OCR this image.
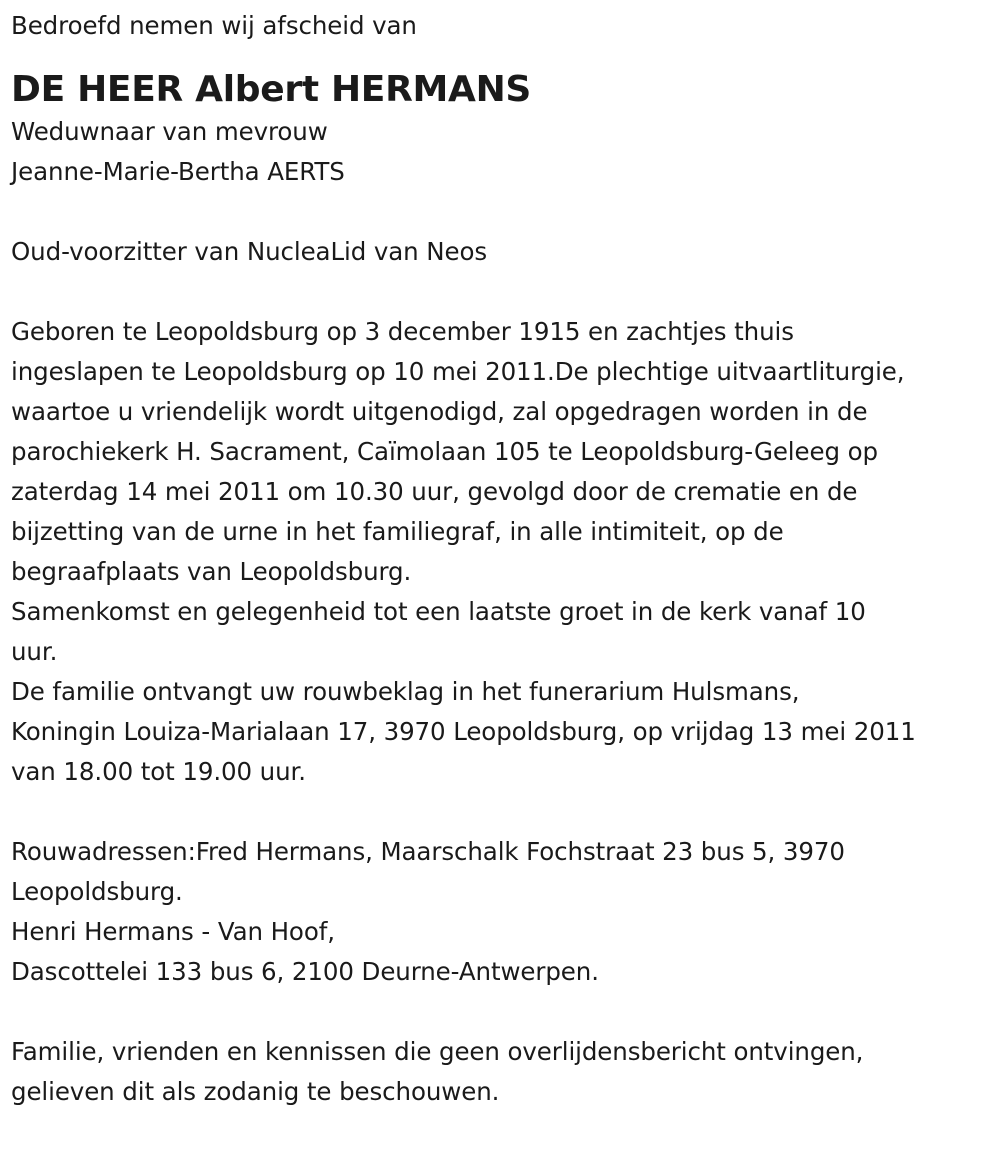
Bedroefd nemen wij afscheid van
DE HEER Albert HERMANS
Weduwnaar van mevrouw
Jeanne-Marie-Bertha AERTS
Oud-voorzitter van NucleaLid van Neos
Geboren te Leopoldsburg op 3 december 1915 en zachtjes thuis
ingeslapen te Leopoldsburg op 10 mei 2011.De plechtige uitvaartliturgie,
waartoe u vriendelijk wordt uitgenodigd, zal opgedragen worden in de
parochiekerk H. Sacrament, Caïmolaan 105 te Leopoldsburg-Geleeg op
zaterdag 14 mei 2011 om 10.30 uur, gevolgd door de crematie en de
bijzetting van de urne in het familiegraf, in alle intimiteit, op de
begraafplaats van Leopoldsburg.
Samenkomst en gelegenheid tot een laatste groet in de kerk vanaf 10
uur.
De familie ontvangt uw rouwbeklag in het funerarium Hulsmans,
Koningin Louiza-Marialaan 17, 3970 Leopoldsburg, op vrijdag 13 mei 2011
van 18.00 tot 19.00 uur.
Rouwadressen:Fred Hermans, Maarschalk Fochstraat 23 bus 5, 3970
Leopoldsburg.
Henri Hermans - Van Hoof,
Dascottelei 133 bus 6, 2100 Deurne-Antwerpen.
Familie, vrienden en kennissen die geen overlijdensbericht ontvingen,
gelieven dit als zodanig te beschouwen.
